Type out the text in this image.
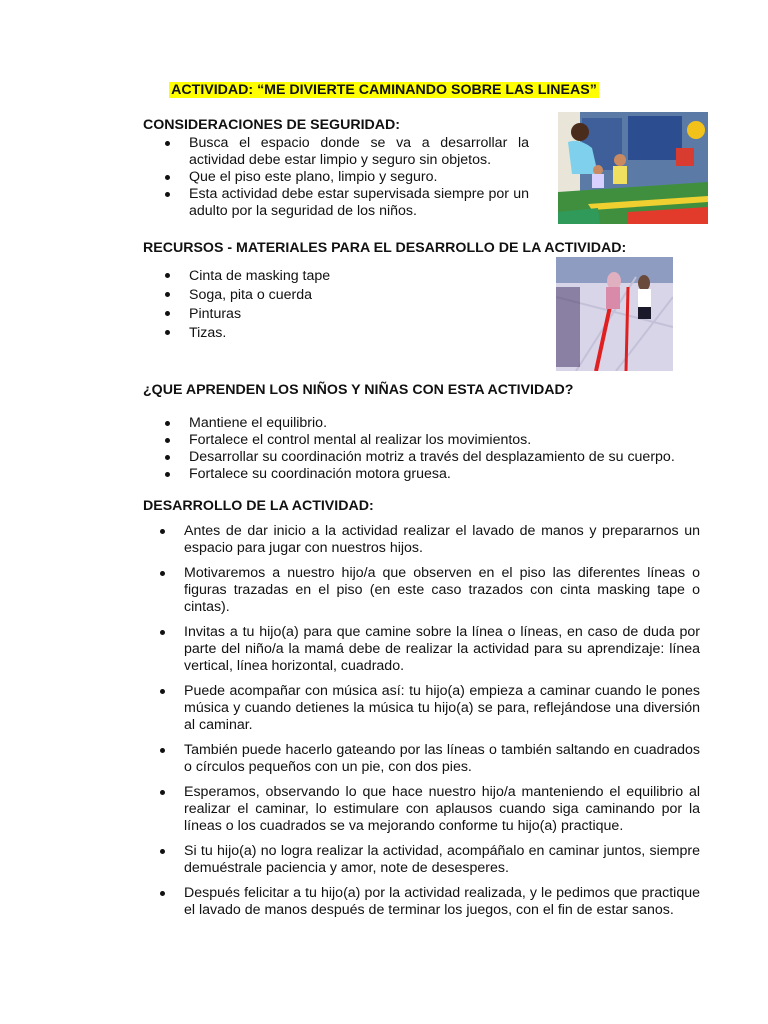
ACTIVIDAD: “ME DIVIERTE CAMINANDO SOBRE LAS LINEAS”
CONSIDERACIONES DE SEGURIDAD:
Busca el espacio donde se va a desarrollar la actividad debe estar limpio y seguro sin objetos.
Que el piso este plano, limpio y seguro.
Esta actividad debe estar supervisada siempre por un adulto por la seguridad de los niños.
RECURSOS - MATERIALES PARA EL DESARROLLO DE LA ACTIVIDAD:
Cinta de masking tape
Soga, pita o cuerda
Pinturas
Tizas.
¿QUE APRENDEN LOS NIÑOS Y NIÑAS CON ESTA ACTIVIDAD?
Mantiene el equilibrio.
Fortalece el control mental al realizar los movimientos.
Desarrollar su coordinación motriz a través del desplazamiento de su cuerpo.
Fortalece su coordinación motora gruesa.
DESARROLLO DE LA ACTIVIDAD:
Antes de dar inicio a la actividad realizar el lavado de manos y prepararnos un espacio para jugar con nuestros hijos.
Motivaremos a nuestro hijo/a que observen en el piso las diferentes líneas o figuras trazadas en el piso (en este caso trazados con cinta masking tape o cintas).
Invitas a tu hijo(a) para que camine sobre la línea o líneas, en caso de duda por parte del niño/a la mamá debe de realizar la actividad para su aprendizaje: línea vertical, línea horizontal, cuadrado.
Puede acompañar con música así: tu hijo(a) empieza a caminar cuando le pones música y cuando detienes la música tu hijo(a) se para, reflejándose una diversión al caminar.
También puede hacerlo gateando por las líneas o también saltando en cuadrados o círculos pequeños con un pie, con dos pies.
Esperamos, observando lo que hace nuestro hijo/a manteniendo el equilibrio al realizar el caminar, lo estimulare con aplausos cuando siga caminando por la líneas o los cuadrados se va mejorando conforme tu hijo(a) practique.
Si tu hijo(a) no logra realizar la actividad, acompáñalo en caminar juntos, siempre demuéstrale paciencia y amor, note de desesperes.
Después felicitar a tu hijo(a) por la actividad realizada, y le pedimos que practique el lavado de manos después de terminar los juegos, con el fin de estar sanos.
